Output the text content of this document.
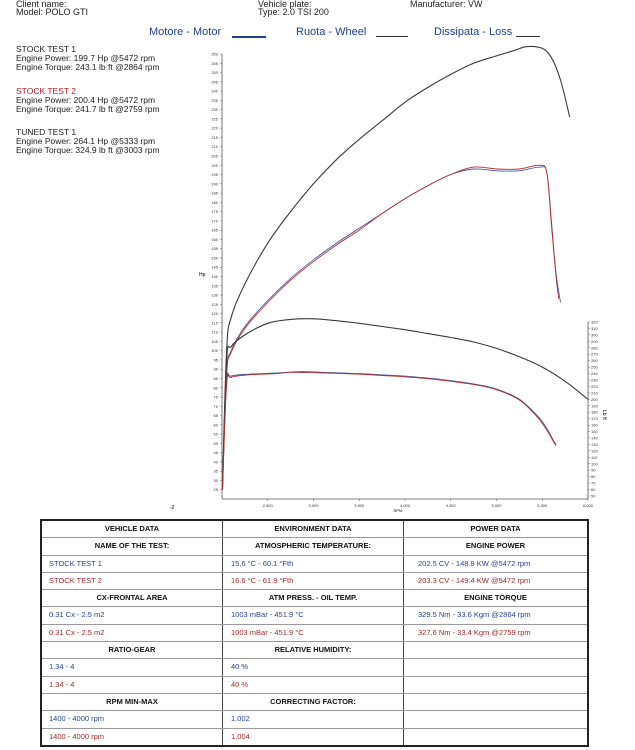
Client name:
Model: POLO GTI
Vehicle plate:
Type: 2.0 TSI 200
Manufacturer: VW
Motore - Motor	Ruota - Wheel	Dissipata - Loss
STOCK TEST 1
Engine Power: 199.7 Hp @5472 rpm
Engine Torque: 243.1 lb ft @2864 rpm
STOCK TEST 2
Engine Power: 200.4 Hp @5472 rpm
Engine Torque: 241.7 lb ft @2759 rpm
TUNED TEST 1
Engine Power: 264.1 Hp @5333 rpm
Engine Torque: 324.9 lb ft @3003 rpm
25
30
35
40
45
50
55
60
65
70
75
80
85
90
95
100
105
110
115
120
125
130
135
140
145
150
155
160
165
170
175
180
185
190
195
200
205
210
215
220
225
230
235
240
245
250
255
260
50
60
70
80
90
100
110
120
130
140
150
160
170
180
190
200
210
220
230
240
250
260
270
280
290
300
310
320
2,500	3,000	3,500	4,000	4,500	5,000	5,500	6,000
Hp
Lb ft
RPM
-2
VEHICLE DATA	ENVIRONMENT DATA	POWER DATA
NAME OF THE TEST:	ATMOSPHERIC TEMPERATURE:	ENGINE POWER
STOCK TEST 1	15.6 °C - 60.1 °Fth	202.5 CV - 148.8 KW @5472 rpm
STOCK TEST 2	16.6 °C - 61.9 °Fth	203.3 CV - 149.4 KW @5472 rpm
CX-FRONTAL AREA	ATM PRESS. - OIL TEMP.	ENGINE TORQUE
0.31 Cx - 2.5 m2	1003 mBar - 451.9 °C	329.5 Nm - 33.6 Kgm @2864 rpm
0.31 Cx - 2.5 m2	1003 mBar - 451.9 °C	327.6 Nm - 33.4 Kgm @2759 rpm
RATIO-GEAR	RELATIVE HUMIDITY:
1.34 - 4	40 %
1.34 - 4	40 %
RPM MIN-MAX	CORRECTING FACTOR:
1400 - 4000 rpm	1.002
1400 - 4000 rpm	1.004
